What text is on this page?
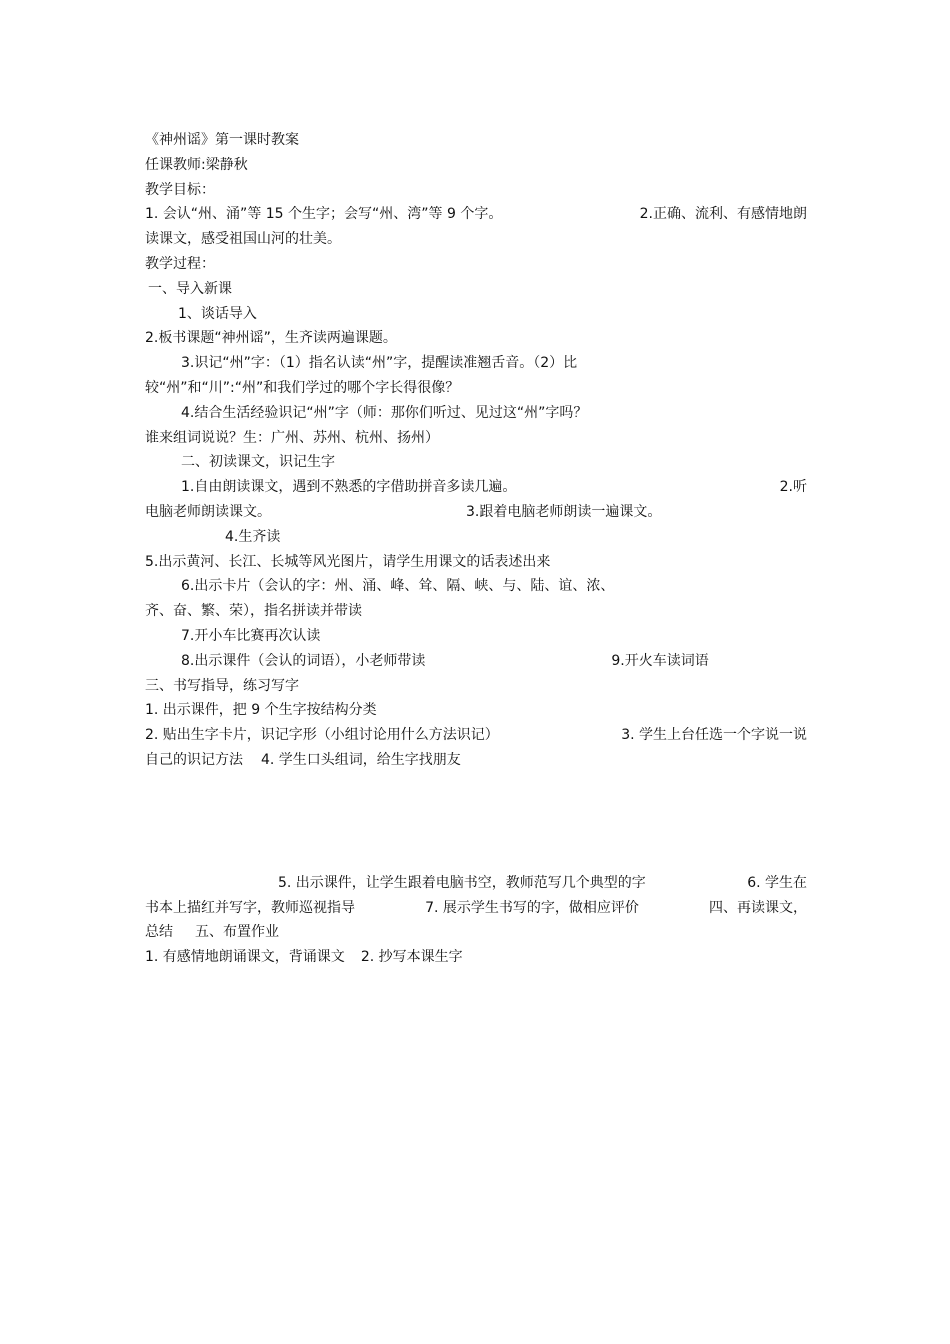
《神州谣》第一课时教案

任课教师:梁静秋

教学目标：

1. 会认“州、涌”等 15 个生字；会写“州、湾”等 9 个字。	2.正确、流利、有感情地朗

读课文，感受祖国山河的壮美。

教学过程：

一、导入新课

1、谈话导入

2.板书课题“神州谣”，生齐读两遍课题。

3.识记“州”字：（1）指名认读“州”字，提醒读准翘舌音。（2）比

较“州”和“川”:“州”和我们学过的哪个字长得很像？

4.结合生活经验识记“州”字（师：那你们听过、见过这“州”字吗？

谁来组词说说？生：广州、苏州、杭州、扬州）

二、初读课文，识记生字

1.自由朗读课文，遇到不熟悉的字借助拼音多读几遍。	2.听

电脑老师朗读课文。	3.跟着电脑老师朗读一遍课文。

4.生齐读

5.出示黄河、长江、长城等风光图片，请学生用课文的话表述出来

6.出示卡片（会认的字：州、涌、峰、耸、隔、峡、与、陆、谊、浓、

齐、奋、繁、荣），指名拼读并带读

7.开小车比赛再次认读

8.出示课件（会认的词语），小老师带读	9.开火车读词语

三、书写指导，练习写字

1. 出示课件，把 9 个生字按结构分类

2. 贴出生字卡片，识记字形（小组讨论用什么方法识记）	3. 学生上台任选一个字说一说

自己的识记方法 4. 学生口头组词，给生字找朋友

5. 出示课件，让学生跟着电脑书空，教师范写几个典型的字	6. 学生在

书本上描红并写字，教师巡视指导	7. 展示学生书写的字，做相应评价	四、再读课文，

总结 五、布置作业

1. 有感情地朗诵课文，背诵课文 2. 抄写本课生字
